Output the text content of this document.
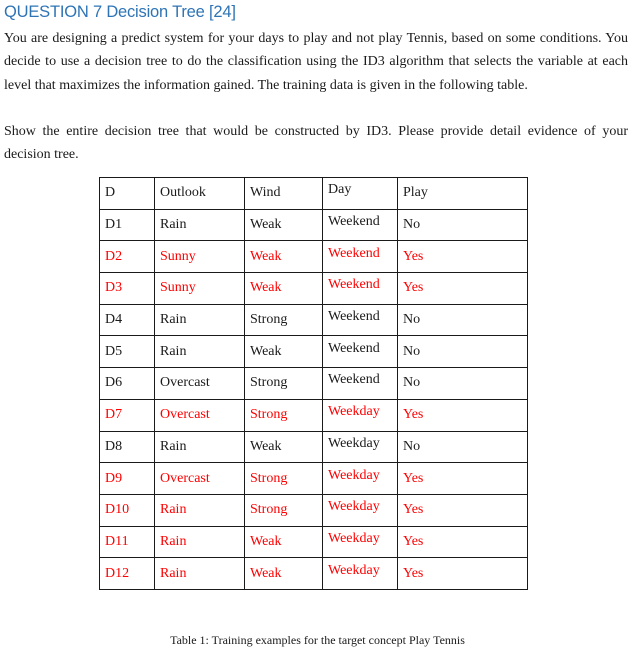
QUESTION 7 Decision Tree [24]
You are designing a predict system for your days to play and not play Tennis, based on some conditions. You decide to use a decision tree to do the classification using the ID3 algorithm that selects the variable at each level that maximizes the information gained. The training data is given in the following table.
Show the entire decision tree that would be constructed by ID3. Please provide detail evidence of your decision tree.
D	Outlook	Wind	Day	Play
D1	Rain	Weak	Weekend	No
D2	Sunny	Weak	Weekend	Yes
D3	Sunny	Weak	Weekend	Yes
D4	Rain	Strong	Weekend	No
D5	Rain	Weak	Weekend	No
D6	Overcast	Strong	Weekend	No
D7	Overcast	Strong	Weekday	Yes
D8	Rain	Weak	Weekday	No
D9	Overcast	Strong	Weekday	Yes
D10	Rain	Strong	Weekday	Yes
D11	Rain	Weak	Weekday	Yes
D12	Rain	Weak	Weekday	Yes
Table 1: Training examples for the target concept Play Tennis
